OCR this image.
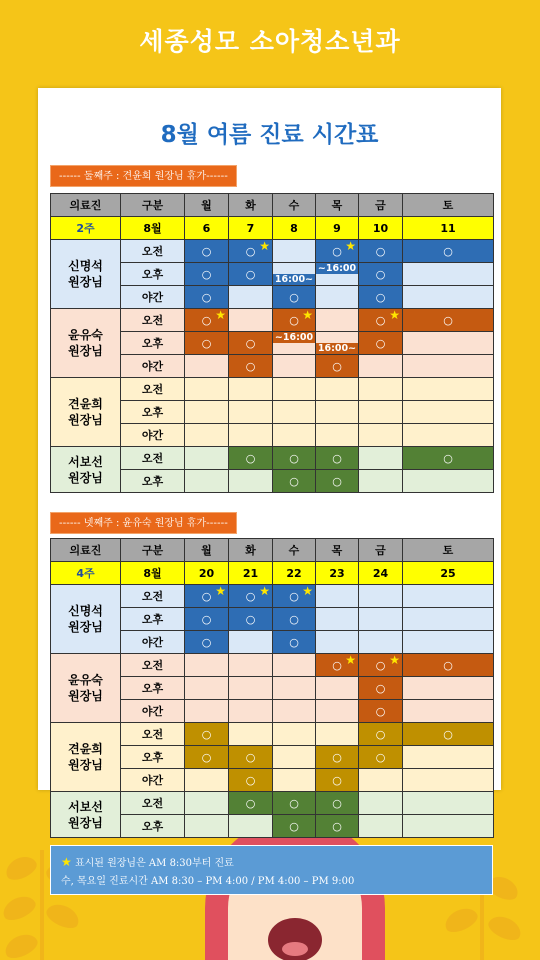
세종성모 소아청소년과
8월 여름 진료 시간표
------ 둘째주 : 견윤희 원장님 휴가------
의료진	구분	월	화	수	목	금	토
2주	8월	6	7	8	9	10	11
신명석
원장님	오전	○	○ ★		○ ★	○	○
	오후	○	○	16:00~	~16:00	○	
	야간	○		○		○	
윤유숙
원장님	오전	○ ★		○ ★		○ ★	○
	오후	○	○	~16:00	16:00~	○	
	야간		○		○		
견윤희
원장님	오전						
	오후						
	야간						
서보선
원장님	오전		○	○	○		○
	오후			○	○		
------ 넷째주 : 윤유숙 원장님 휴가------
의료진	구분	월	화	수	목	금	토
4주	8월	20	21	22	23	24	25
신명석
원장님	오전	○ ★	○ ★	○ ★			

	오후	○	○	○			
	야간	○		○			
윤유숙
원장님	오전				○ ★	○ ★	○
	오후					○	
	야간					○	
견윤희
원장님	오전	○				○	○
	오후	○	○		○	○	
	야간		○		○		
서보선
원장님	오전		○	○	○		
	오후			○	○		
★ 표시된 원장님은 AM 8:30부터 진료
수, 목요일 진료시간 AM 8:30 – PM 4:00 / PM 4:00 – PM 9:00
